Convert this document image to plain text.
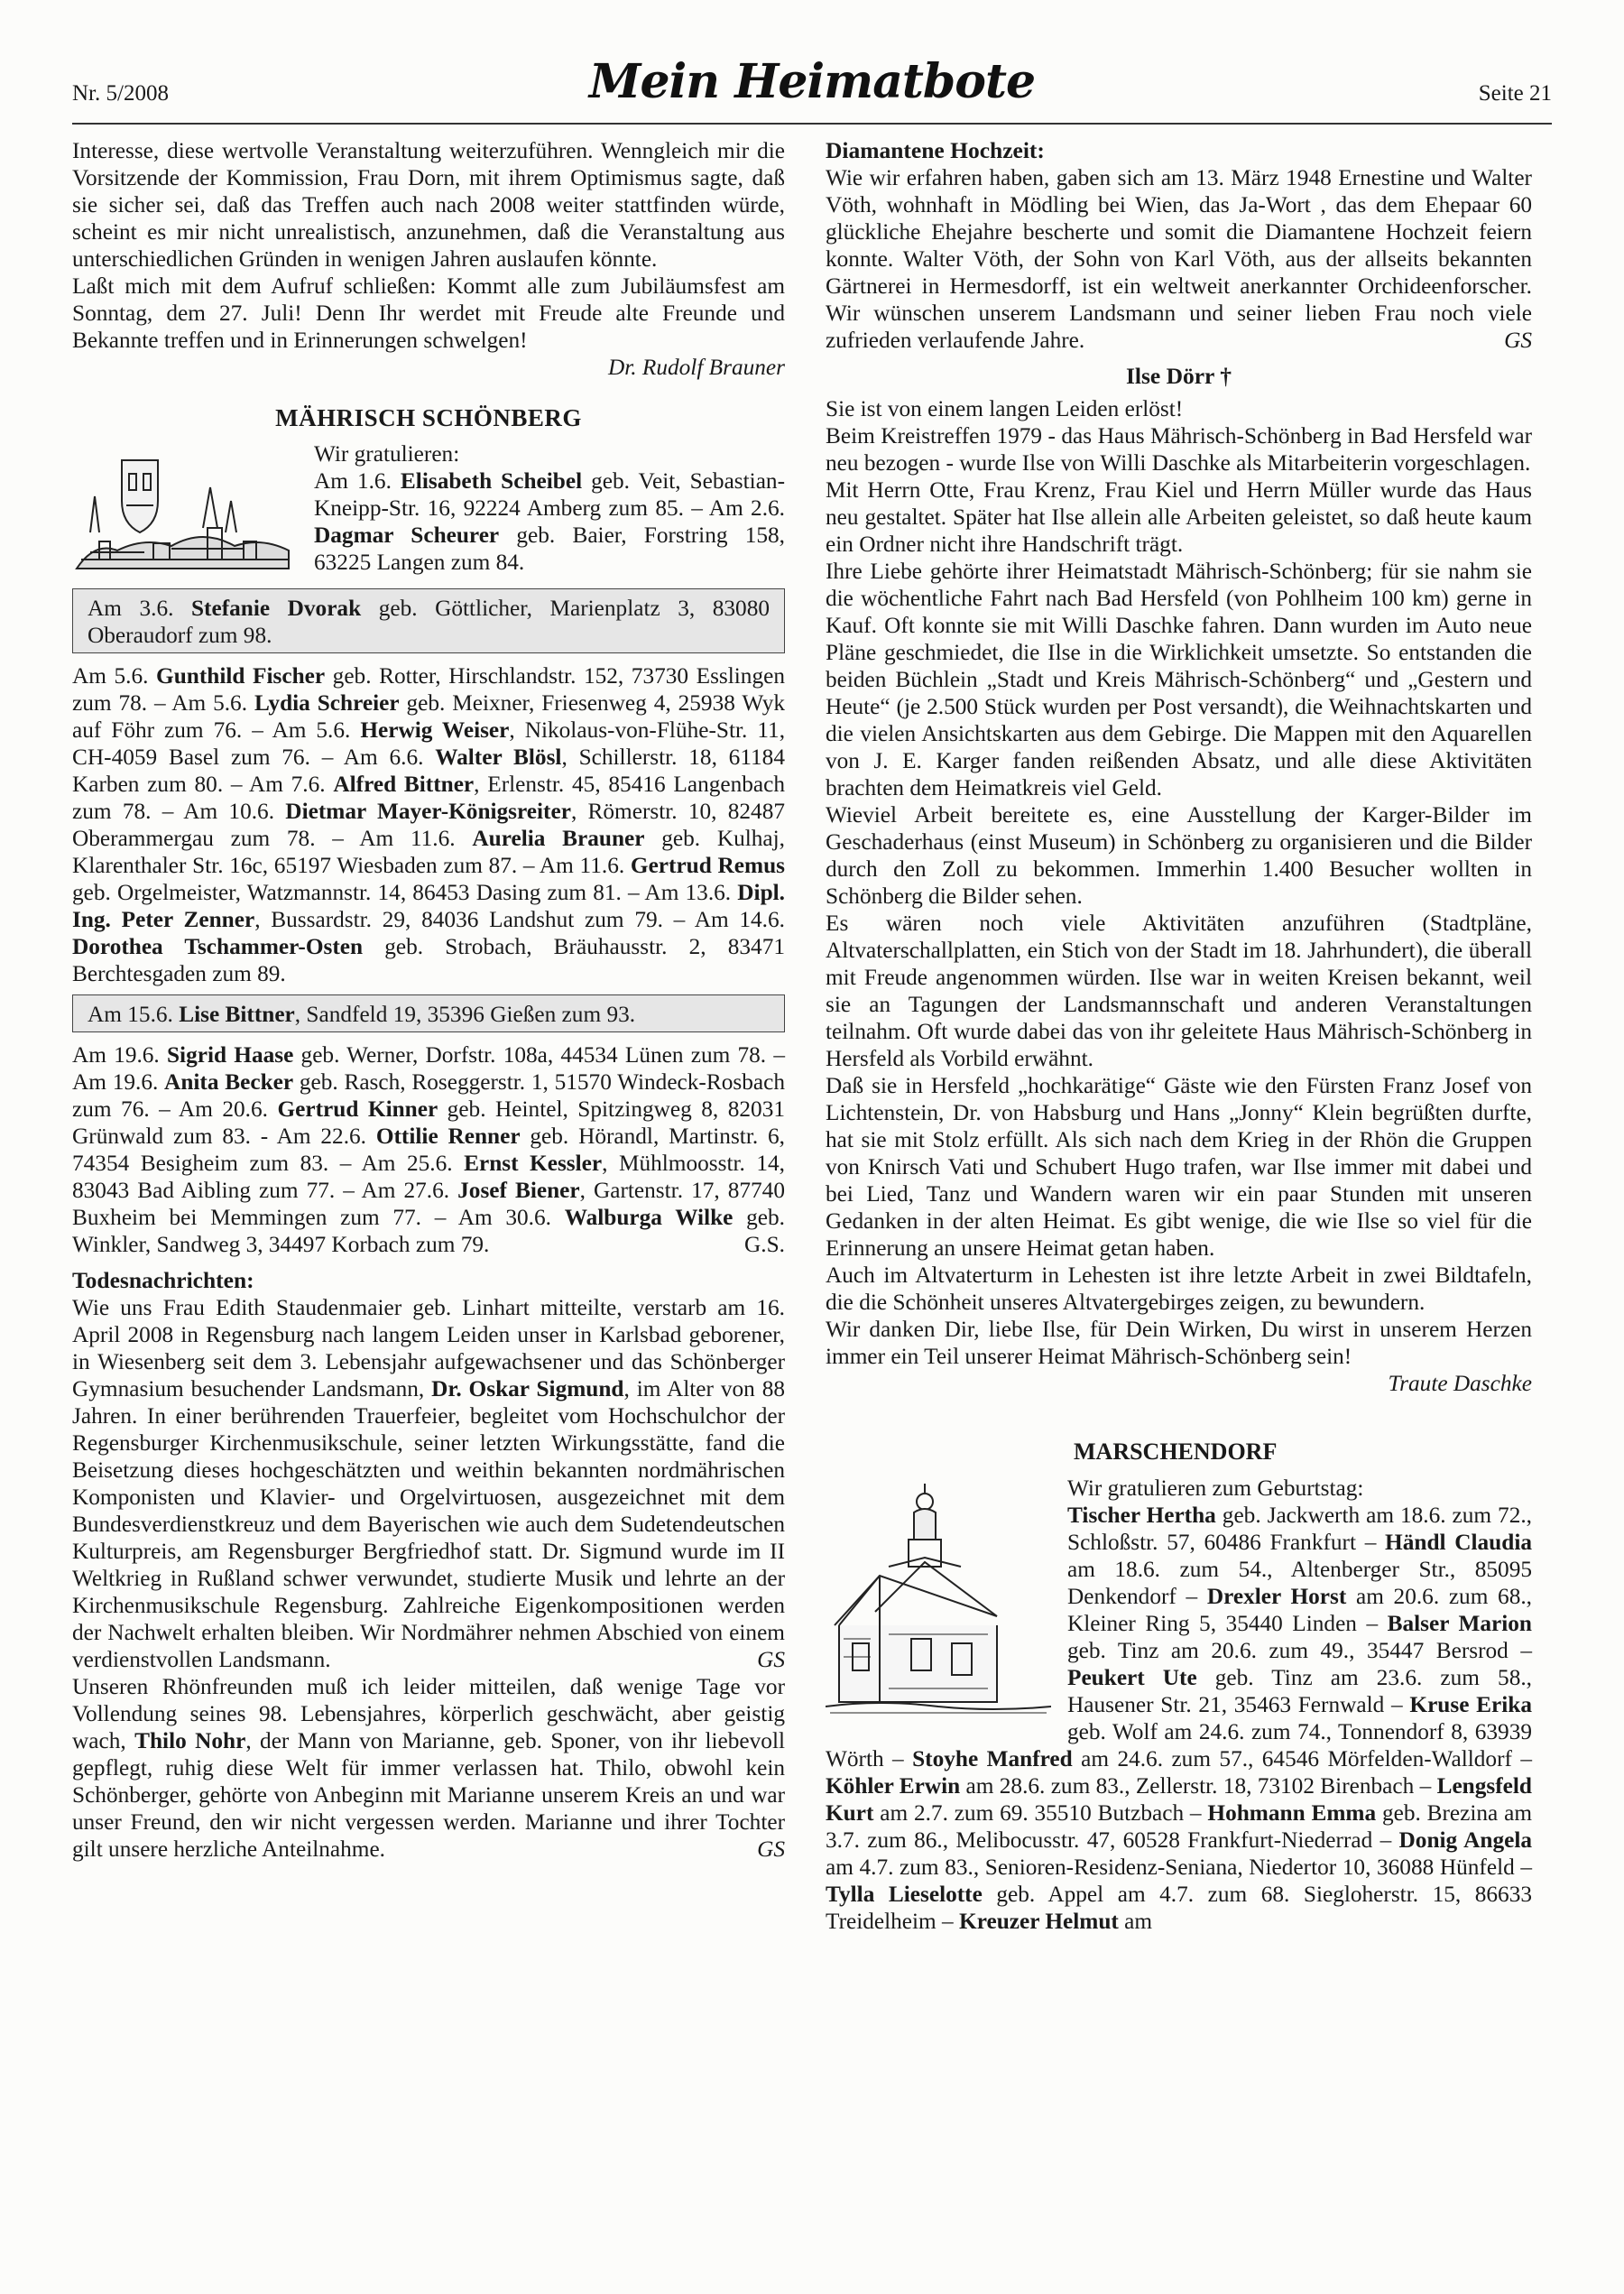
Nr. 5/2008	Mein Heimatbote	Seite 21

Interesse, diese wertvolle Veranstaltung weiterzuführen. Wenngleich mir die Vorsitzende der Kommission, Frau Dorn, mit ihrem Optimismus sagte, daß sie sicher sei, daß das Treffen auch nach 2008 weiter stattfinden würde, scheint es mir nicht unrealistisch, anzunehmen, daß die Veranstaltung aus unterschiedlichen Gründen in wenigen Jahren auslaufen könnte.

Laßt mich mit dem Aufruf schließen: Kommt alle zum Jubiläumsfest am Sonntag, dem 27. Juli! Denn Ihr werdet mit Freude alte Freunde und Bekannte treffen und in Erinnerungen schwelgen!

Dr. Rudolf Brauner

MÄHRISCH SCHÖNBERG

Wir gratulieren:

Am 1.6. Elisabeth Scheibel geb. Veit, Sebastian-Kneipp-Str. 16, 92224 Amberg zum 85. – Am 2.6. Dagmar Scheurer geb. Baier, Forstring 158, 63225 Langen zum 84.

Am 3.6. Stefanie Dvorak geb. Göttlicher, Marienplatz 3, 83080 Oberaudorf zum 98.

Am 5.6. Gunthild Fischer geb. Rotter, Hirschlandstr. 152, 73730 Esslingen zum 78. – Am 5.6. Lydia Schreier geb. Meixner, Friesenweg 4, 25938 Wyk auf Föhr zum 76. – Am 5.6. Herwig Weiser, Nikolaus-von-Flühe-Str. 11, CH-4059 Basel zum 76. – Am 6.6. Walter Blösl, Schillerstr. 18, 61184 Karben zum 80. – Am 7.6. Alfred Bittner, Erlenstr. 45, 85416 Langenbach zum 78. – Am 10.6. Dietmar Mayer-Königsreiter, Römerstr. 10, 82487 Oberammergau zum 78. – Am 11.6. Aurelia Brauner geb. Kulhaj, Klarenthaler Str. 16c, 65197 Wiesbaden zum 87. – Am 11.6. Gertrud Remus geb. Orgelmeister, Watzmannstr. 14, 86453 Dasing zum 81. – Am 13.6. Dipl. Ing. Peter Zenner, Bussardstr. 29, 84036 Landshut zum 79. – Am 14.6. Dorothea Tschammer-Osten geb. Strobach, Bräuhausstr. 2, 83471 Berchtesgaden zum 89.

Am 15.6. Lise Bittner, Sandfeld 19, 35396 Gießen zum 93.

Am 19.6. Sigrid Haase geb. Werner, Dorfstr. 108a, 44534 Lünen zum 78. – Am 19.6. Anita Becker geb. Rasch, Roseggerstr. 1, 51570 Windeck-Rosbach zum 76. – Am 20.6. Gertrud Kinner geb. Heintel, Spitzingweg 8, 82031 Grünwald zum 83. - Am 22.6. Ottilie Renner geb. Hörandl, Martinstr. 6, 74354 Besigheim zum 83. – Am 25.6. Ernst Kessler, Mühlmoosstr. 14, 83043 Bad Aibling zum 77. – Am 27.6. Josef Biener, Gartenstr. 17, 87740 Buxheim bei Memmingen zum 77. – Am 30.6. Walburga Wilke geb. Winkler, Sandweg 3, 34497 Korbach zum 79.	G.S.

Todesnachrichten:

Wie uns Frau Edith Staudenmaier geb. Linhart mitteilte, verstarb am 16. April 2008 in Regensburg nach langem Leiden unser in Karlsbad geborener, in Wiesenberg seit dem 3. Lebensjahr aufgewachsener und das Schönberger Gymnasium besuchender Landsmann, Dr. Oskar Sigmund, im Alter von 88 Jahren. In einer berührenden Trauerfeier, begleitet vom Hochschulchor der Regensburger Kirchenmusikschule, seiner letzten Wirkungsstätte, fand die Beisetzung dieses hochgeschätzten und weithin bekannten nordmährischen Komponisten und Klavier- und Orgelvirtuosen, ausgezeichnet mit dem Bundesverdienstkreuz und dem Bayerischen wie auch dem Sudetendeutschen Kulturpreis, am Regensburger Bergfriedhof statt. Dr. Sigmund wurde im II Weltkrieg in Rußland schwer verwundet, studierte Musik und lehrte an der Kirchenmusikschule Regensburg. Zahlreiche Eigenkompositionen werden der Nachwelt erhalten bleiben. Wir Nordmährer nehmen Abschied von einem verdienstvollen Landsmann.	GS

Unseren Rhönfreunden muß ich leider mitteilen, daß wenige Tage vor Vollendung seines 98. Lebensjahres, körperlich geschwächt, aber geistig wach, Thilo Nohr, der Mann von Marianne, geb. Sponer, von ihr liebevoll gepflegt, ruhig diese Welt für immer verlassen hat. Thilo, obwohl kein Schönberger, gehörte von Anbeginn mit Marianne unserem Kreis an und war unser Freund, den wir nicht vergessen werden. Marianne und ihrer Tochter gilt unsere herzliche Anteilnahme.	GS

Diamantene Hochzeit:

Wie wir erfahren haben, gaben sich am 13. März 1948 Ernestine und Walter Vöth, wohnhaft in Mödling bei Wien, das Ja-Wort , das dem Ehepaar 60 glückliche Ehejahre bescherte und somit die Diamantene Hochzeit feiern konnte. Walter Vöth, der Sohn von Karl Vöth, aus der allseits bekannten Gärtnerei in Hermesdorff, ist ein weltweit anerkannter Orchideenforscher. Wir wünschen unserem Landsmann und seiner lieben Frau noch viele zufrieden verlaufende Jahre.	GS

Ilse Dörr †

Sie ist von einem langen Leiden erlöst!

Beim Kreistreffen 1979 - das Haus Mährisch-Schönberg in Bad Hersfeld war neu bezogen - wurde Ilse von Willi Daschke als Mitarbeiterin vorgeschlagen.

Mit Herrn Otte, Frau Krenz, Frau Kiel und Herrn Müller wurde das Haus neu gestaltet. Später hat Ilse allein alle Arbeiten geleistet, so daß heute kaum ein Ordner nicht ihre Handschrift trägt.

Ihre Liebe gehörte ihrer Heimatstadt Mährisch-Schönberg; für sie nahm sie die wöchentliche Fahrt nach Bad Hersfeld (von Pohlheim 100 km) gerne in Kauf. Oft konnte sie mit Willi Daschke fahren. Dann wurden im Auto neue Pläne geschmiedet, die Ilse in die Wirklichkeit umsetzte. So entstanden die beiden Büchlein „Stadt und Kreis Mährisch-Schönberg“ und „Gestern und Heute“ (je 2.500 Stück wurden per Post versandt), die Weihnachtskarten und die vielen Ansichtskarten aus dem Gebirge. Die Mappen mit den Aquarellen von J. E. Karger fanden reißenden Absatz, und alle diese Aktivitäten brachten dem Heimatkreis viel Geld.

Wieviel Arbeit bereitete es, eine Ausstellung der Karger-Bilder im Geschaderhaus (einst Museum) in Schönberg zu organisieren und die Bilder durch den Zoll zu bekommen. Immerhin 1.400 Besucher wollten in Schönberg die Bilder sehen.

Es wären noch viele Aktivitäten anzuführen (Stadtpläne, Altvaterschallplatten, ein Stich von der Stadt im 18. Jahrhundert), die überall mit Freude angenommen würden. Ilse war in weiten Kreisen bekannt, weil sie an Tagungen der Landsmannschaft und anderen Veranstaltungen teilnahm. Oft wurde dabei das von ihr geleitete Haus Mährisch-Schönberg in Hersfeld als Vorbild erwähnt.

Daß sie in Hersfeld „hochkarätige“ Gäste wie den Fürsten Franz Josef von Lichtenstein, Dr. von Habsburg und Hans „Jonny“ Klein begrüßten durfte, hat sie mit Stolz erfüllt. Als sich nach dem Krieg in der Rhön die Gruppen von Knirsch Vati und Schubert Hugo trafen, war Ilse immer mit dabei und bei Lied, Tanz und Wandern waren wir ein paar Stunden mit unseren Gedanken in der alten Heimat. Es gibt wenige, die wie Ilse so viel für die Erinnerung an unsere Heimat getan haben.

Auch im Altvaterturm in Lehesten ist ihre letzte Arbeit in zwei Bildtafeln, die die Schönheit unseres Altvatergebirges zeigen, zu bewundern.

Wir danken Dir, liebe Ilse, für Dein Wirken, Du wirst in unserem Herzen immer ein Teil unserer Heimat Mährisch-Schönberg sein!

Traute Daschke

MARSCHENDORF

Wir gratulieren zum Geburtstag:

Tischer Hertha geb. Jackwerth am 18.6. zum 72., Schloßstr. 57, 60486 Frankfurt – Händl Claudia am 18.6. zum 54., Altenberger Str., 85095 Denkendorf – Drexler Horst am 20.6. zum 68., Kleiner Ring 5, 35440 Linden – Balser Marion geb. Tinz am 20.6. zum 49., 35447 Bersrod – Peukert Ute geb. Tinz am 23.6. zum 58., Hausener Str. 21, 35463 Fernwald – Kruse Erika geb. Wolf am 24.6. zum 74., Tonnendorf 8, 63939 Wörth – Stoyhe Manfred am 24.6. zum 57., 64546 Mörfelden-Walldorf – Köhler Erwin am 28.6. zum 83., Zellerstr. 18, 73102 Birenbach – Lengsfeld Kurt am 2.7. zum 69. 35510 Butzbach – Hohmann Emma geb. Brezina am 3.7. zum 86., Melibocusstr. 47, 60528 Frankfurt-Niederrad – Donig Angela am 4.7. zum 83., Senioren-Residenz-Seniana, Niedertor 10, 36088 Hünfeld – Tylla Lieselotte geb. Appel am 4.7. zum 68. Siegloherstr. 15, 86633 Treidelheim – Kreuzer Helmut am
